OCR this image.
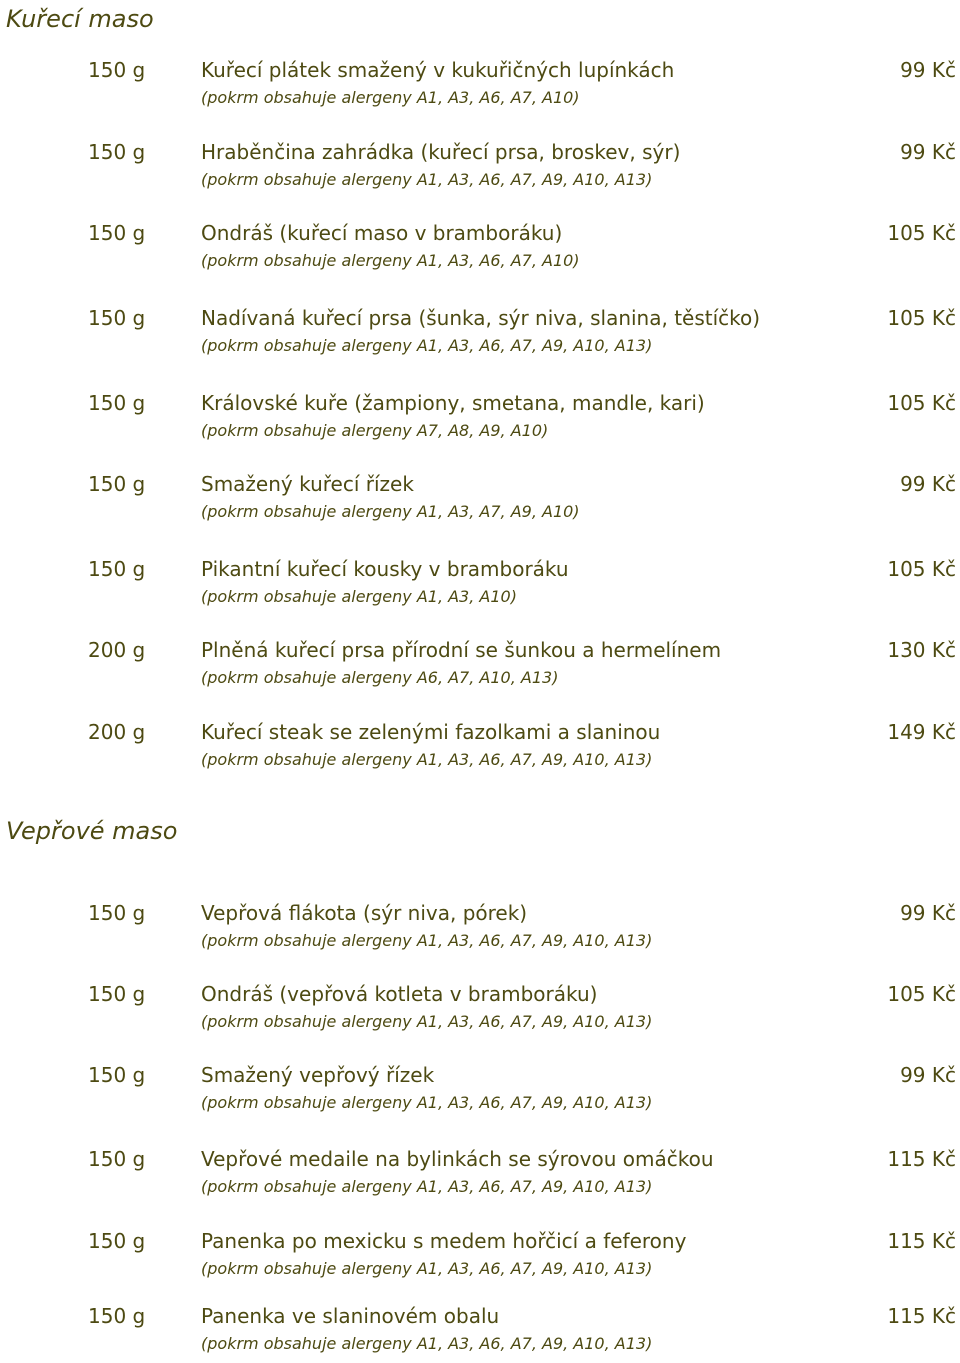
Kuřecí maso
150 g	Kuřecí plátek smažený v kukuřičných lupínkách	99 Kč
(pokrm obsahuje alergeny A1, A3, A6, A7, A10)
150 g	Hraběnčina zahrádka (kuřecí prsa, broskev, sýr)	99 Kč
(pokrm obsahuje alergeny A1, A3, A6, A7, A9, A10, A13)
150 g	Ondráš (kuřecí maso v bramboráku)	105 Kč
(pokrm obsahuje alergeny A1, A3, A6, A7, A10)
150 g	Nadívaná kuřecí prsa (šunka, sýr niva, slanina, těstíčko)	105 Kč
(pokrm obsahuje alergeny A1, A3, A6, A7, A9, A10, A13)
150 g	Královské kuře (žampiony, smetana, mandle, kari)	105 Kč
(pokrm obsahuje alergeny A7, A8, A9, A10)
150 g	Smažený kuřecí řízek	99 Kč
(pokrm obsahuje alergeny A1, A3, A7, A9, A10)
150 g	Pikantní kuřecí kousky v bramboráku	105 Kč
(pokrm obsahuje alergeny A1, A3, A10)
200 g	Plněná kuřecí prsa přírodní se šunkou a hermelínem	130 Kč
(pokrm obsahuje alergeny A6, A7, A10, A13)
200 g	Kuřecí steak se zelenými fazolkami a slaninou	149 Kč
(pokrm obsahuje alergeny A1, A3, A6, A7, A9, A10, A13)
Vepřové maso
150 g	Vepřová flákota (sýr niva, pórek)	99 Kč
(pokrm obsahuje alergeny A1, A3, A6, A7, A9, A10, A13)
150 g	Ondráš (vepřová kotleta v bramboráku)	105 Kč
(pokrm obsahuje alergeny A1, A3, A6, A7, A9, A10, A13)
150 g	Smažený vepřový řízek	99 Kč
(pokrm obsahuje alergeny A1, A3, A6, A7, A9, A10, A13)
150 g	Vepřové medaile na bylinkách se sýrovou omáčkou	115 Kč
(pokrm obsahuje alergeny A1, A3, A6, A7, A9, A10, A13)
150 g	Panenka po mexicku s medem hořčicí a feferony	115 Kč
(pokrm obsahuje alergeny A1, A3, A6, A7, A9, A10, A13)
150 g	Panenka ve slaninovém obalu	115 Kč
(pokrm obsahuje alergeny A1, A3, A6, A7, A9, A10, A13)
